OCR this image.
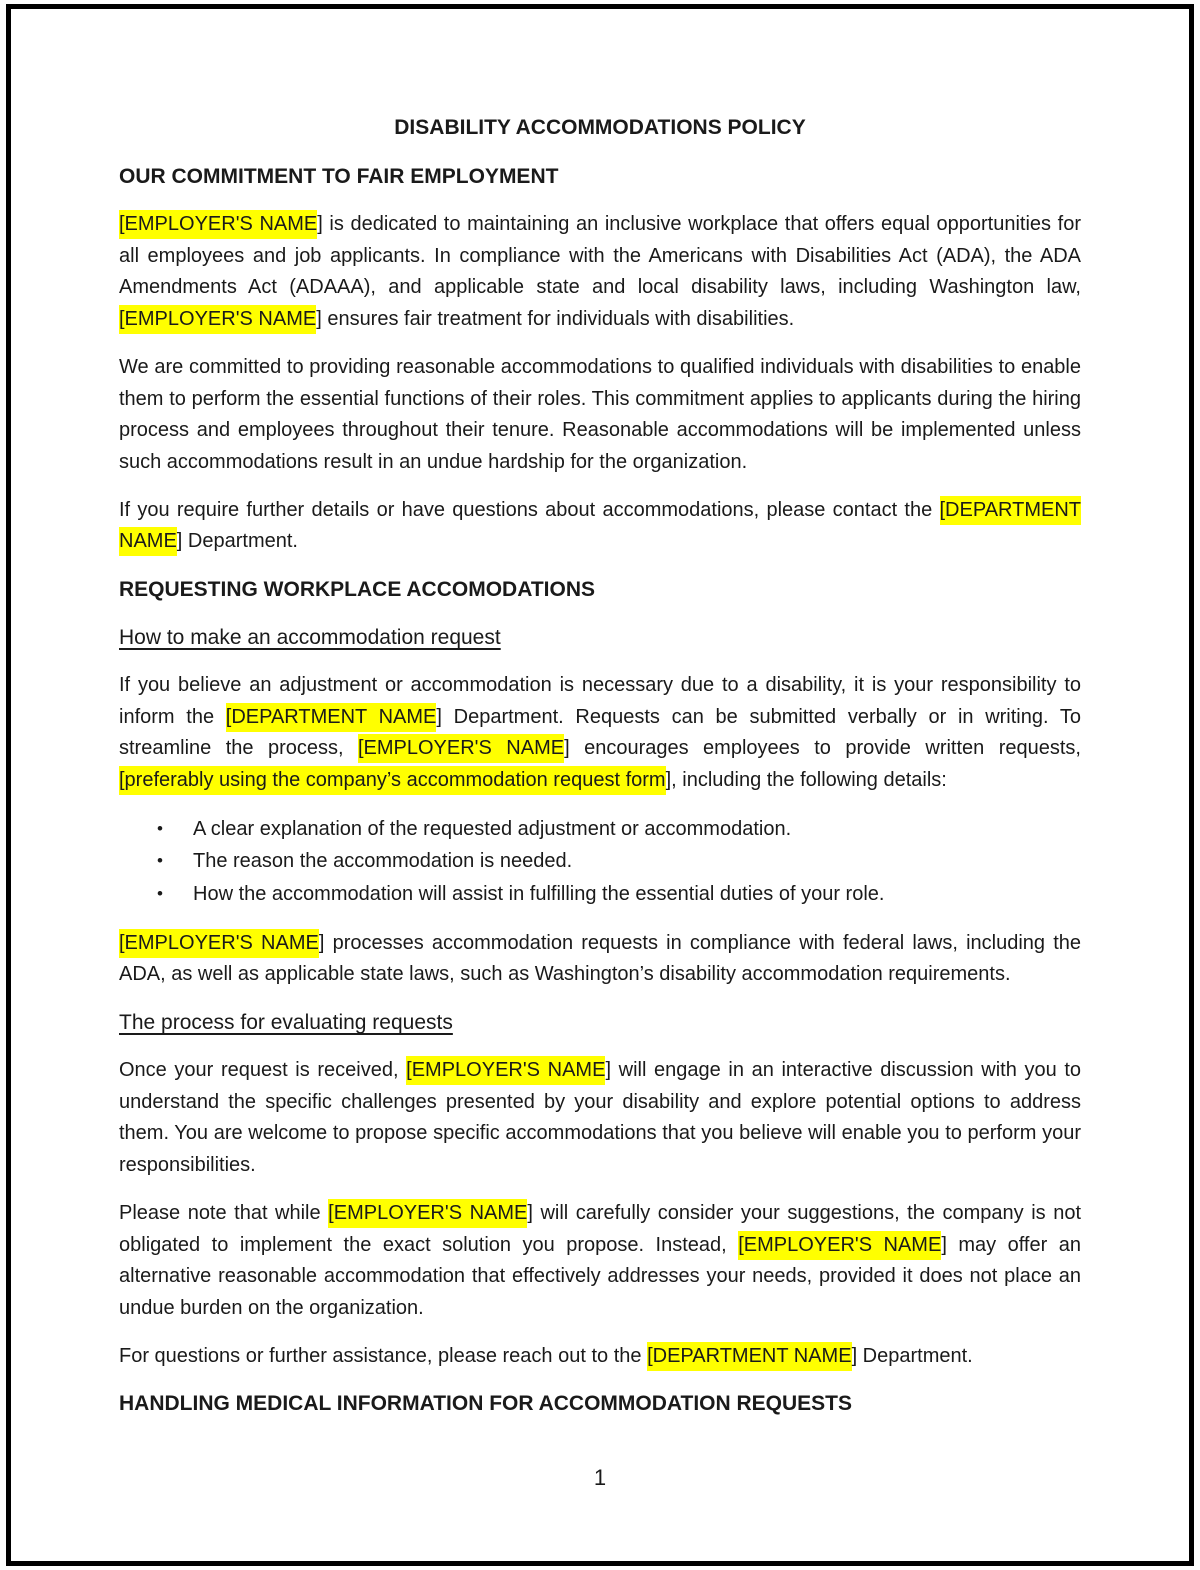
DISABILITY ACCOMMODATIONS POLICY
OUR COMMITMENT TO FAIR EMPLOYMENT

[EMPLOYER'S NAME] is dedicated to maintaining an inclusive workplace that offers equal opportunities for all employees and job applicants. In compliance with the Americans with Disabilities Act (ADA), the ADA Amendments Act (ADAAA), and applicable state and local disability laws, including Washington law, [EMPLOYER'S NAME] ensures fair treatment for individuals with disabilities.

We are committed to providing reasonable accommodations to qualified individuals with disabilities to enable them to perform the essential functions of their roles. This commitment applies to applicants during the hiring process and employees throughout their tenure. Reasonable accommodations will be implemented unless such accommodations result in an undue hardship for the organization.

If you require further details or have questions about accommodations, please contact the [DEPARTMENT NAME] Department.

REQUESTING WORKPLACE ACCOMODATIONS
How to make an accommodation request

If you believe an adjustment or accommodation is necessary due to a disability, it is your responsibility to inform the [DEPARTMENT NAME] Department. Requests can be submitted verbally or in writing. To streamline the process, [EMPLOYER'S NAME] encourages employees to provide written requests, [preferably using the company’s accommodation request form], including the following details:

• A clear explanation of the requested adjustment or accommodation.
• The reason the accommodation is needed.
• How the accommodation will assist in fulfilling the essential duties of your role.

[EMPLOYER'S NAME] processes accommodation requests in compliance with federal laws, including the ADA, as well as applicable state laws, such as Washington’s disability accommodation requirements.

The process for evaluating requests

Once your request is received, [EMPLOYER'S NAME] will engage in an interactive discussion with you to understand the specific challenges presented by your disability and explore potential options to address them. You are welcome to propose specific accommodations that you believe will enable you to perform your responsibilities.

Please note that while [EMPLOYER'S NAME] will carefully consider your suggestions, the company is not obligated to implement the exact solution you propose. Instead, [EMPLOYER'S NAME] may offer an alternative reasonable accommodation that effectively addresses your needs, provided it does not place an undue burden on the organization.

For questions or further assistance, please reach out to the [DEPARTMENT NAME] Department.

HANDLING MEDICAL INFORMATION FOR ACCOMMODATION REQUESTS
1
